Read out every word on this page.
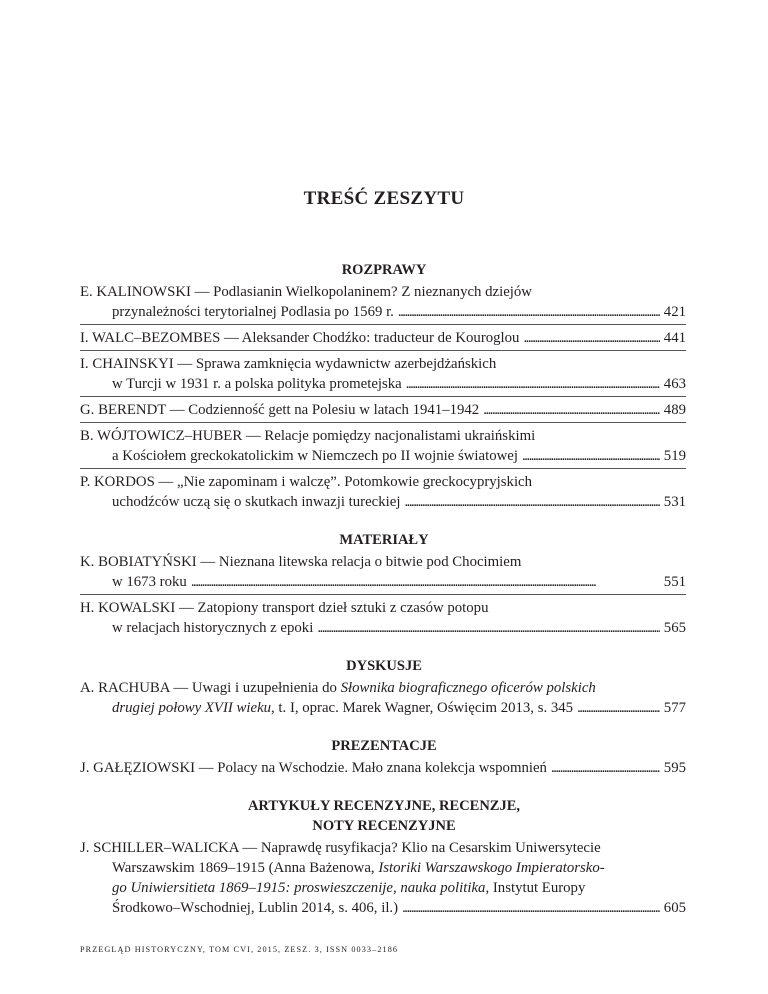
TREŚĆ ZESZYTU
ROZPRAWY
E. KALINOWSKI — Podlasianin Wielkopolaninem? Z nieznanych dziejów
przynależności terytorialnej Podlasia po 1569 r. . . .	421
I. WALC–BEZOMBES — Aleksander Chodźko: traducteur de Kouroglou . . .	441
I. CHAINSKYI — Sprawa zamknięcia wydawnictw azerbejdżańskich
w Turcji w 1931 r. a polska polityka prometejska . . .	463
G. BERENDT — Codzienność gett na Polesiu w latach 1941–1942 . . .	489
B. WÓJTOWICZ–HUBER — Relacje pomiędzy nacjonalistami ukraińskimi
a Kościołem greckokatolickim w Niemczech po II wojnie światowej . . .	519
P. KORDOS — „Nie zapominam i walczę”. Potomkowie greckocypryjskich
uchodźców uczą się o skutkach inwazji tureckiej . . .	531
MATERIAŁY
K. BOBIATYŃSKI — Nieznana litewska relacja o bitwie pod Chocimiem
w 1673 roku . . .	551
H. KOWALSKI — Zatopiony transport dzieł sztuki z czasów potopu
w relacjach historycznych z epoki . . .	565
DYSKUSJE
A. RACHUBA — Uwagi i uzupełnienia do Słownika biograficznego oficerów polskich
drugiej połowy XVII wieku, t. I, oprac. Marek Wagner, Oświęcim 2013, s. 345 . . .	577
PREZENTACJE
J. GAŁĘZIOWSKI — Polacy na Wschodzie. Mało znana kolekcja wspomnień . . .	595
ARTYKUŁY RECENZYJNE, RECENZJE,
NOTY RECENZYJNE
J. SCHILLER–WALICKA — Naprawdę rusyfikacja? Klio na Cesarskim Uniwersytecie
Warszawskim 1869–1915 (Anna Bażenowa, Istoriki Warszawskogo Impieratorsko-
go Uniwiersitieta 1869–1915: proswieszczenije, nauka politika, Instytut Europy
Środkowo–Wschodniej, Lublin 2014, s. 406, il.) . . .	605
PRZEGLĄD HISTORYCZNY, TOM CVI, 2015, ZESZ. 3, ISSN 0033–2186
